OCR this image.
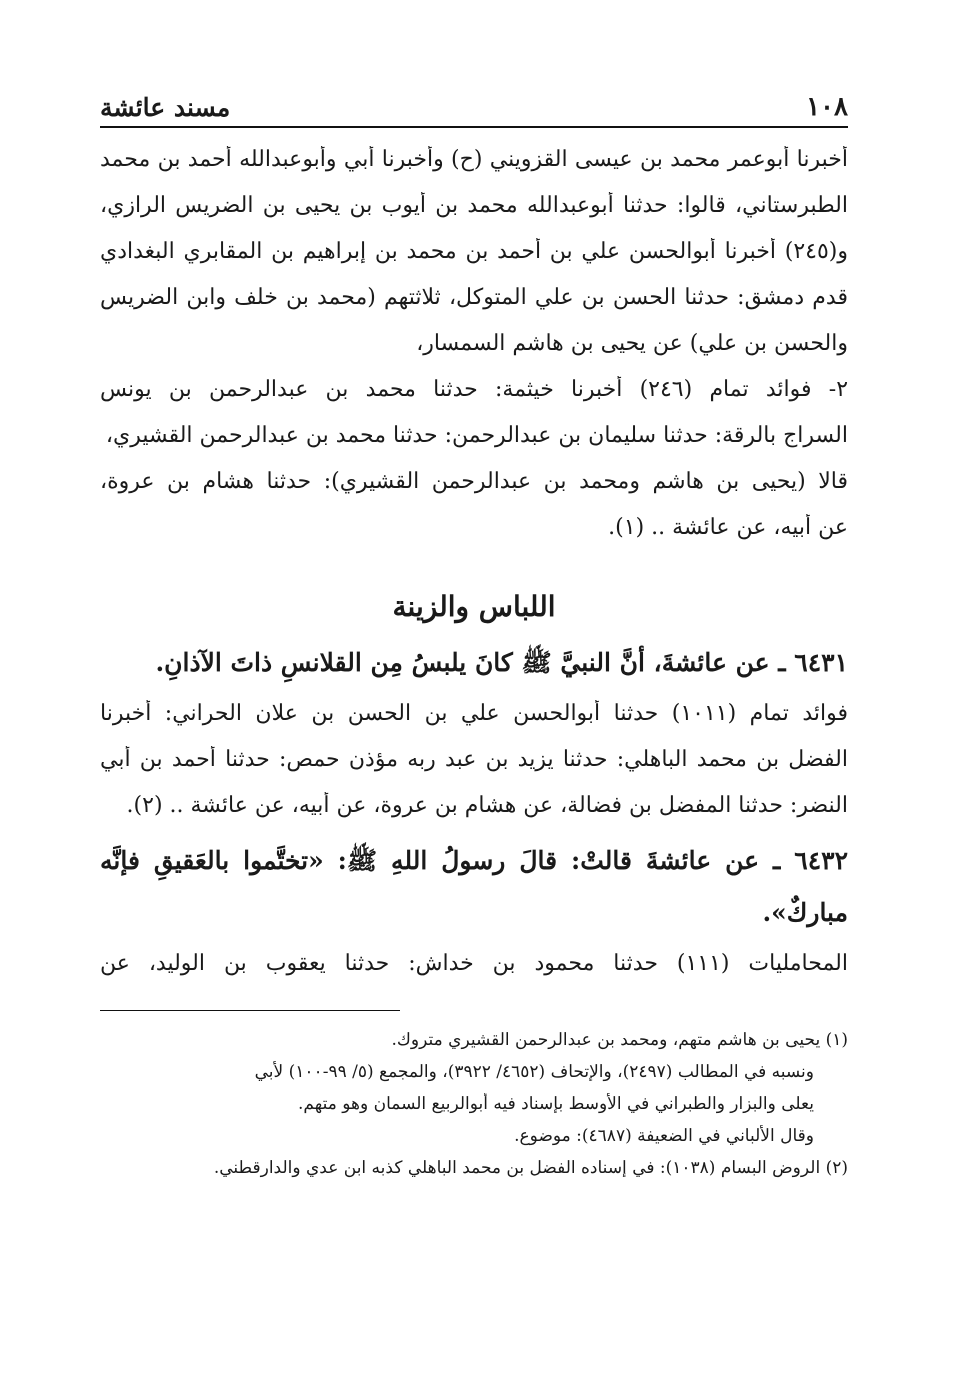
١٠٨
مسند عائشة
أخبرنا أبوعمر محمد بن عيسى القزويني (ح) وأخبرنا أبي وأبوعبدالله أحمد بن محمد
الطبرستاني، قالوا: حدثنا أبوعبدالله محمد بن أيوب بن يحيى بن الضريس الرازي،
و(٢٤٥) أخبرنا أبوالحسن علي بن أحمد بن محمد بن إبراهيم بن المقابري البغدادي
قدم دمشق: حدثنا الحسن بن علي المتوكل، ثلاثتهم (محمد بن خلف وابن الضريس
والحسن بن علي) عن يحيى بن هاشم السمسار،
٢- فوائد تمام (٢٤٦) أخبرنا خيثمة: حدثنا محمد بن عبدالرحمن بن يونس
السراج بالرقة: حدثنا سليمان بن عبدالرحمن: حدثنا محمد بن عبدالرحمن القشيري،
قالا (يحيى بن هاشم ومحمد بن عبدالرحمن القشيري): حدثنا هشام بن عروة،
عن أبيه، عن عائشة .. (١).
اللباس والزينة
٦٤٣١ ـ عن عائشةَ، أنَّ النبيَّ ﷺ كانَ يلبسُ مِن القلانسِ ذاتَ الآذانِ.
فوائد تمام (١٠١١) حدثنا أبوالحسن علي بن الحسن بن علان الحراني: أخبرنا
الفضل بن محمد الباهلي: حدثنا يزيد بن عبد ربه مؤذن حمص: حدثنا أحمد بن أبي
النضر: حدثنا المفضل بن فضالة، عن هشام بن عروة، عن أبيه، عن عائشة .. (٢).
٦٤٣٢ ـ عن عائشةَ قالتْ: قالَ رسولُ اللهِ ﷺ: «تختَّموا بالعَقيقِ فإنَّه
مباركٌ».
المحامليات (١١١) حدثنا محمود بن خداش: حدثنا يعقوب بن الوليد، عن
(١) يحيى بن هاشم متهم، ومحمد بن عبدالرحمن القشيري متروك.
ونسبه في المطالب (٢٤٩٧)، والإتحاف (٤٦٥٢/ ٣٩٢٢)، والمجمع (٥/ ٩٩-١٠٠) لأبي
يعلى والبزار والطبراني في الأوسط بإسناد فيه أبوالربيع السمان وهو متهم.
وقال الألباني في الضعيفة (٤٦٨٧): موضوع.
(٢) الروض البسام (١٠٣٨): في إسناده الفضل بن محمد الباهلي كذبه ابن عدي والدارقطني.
